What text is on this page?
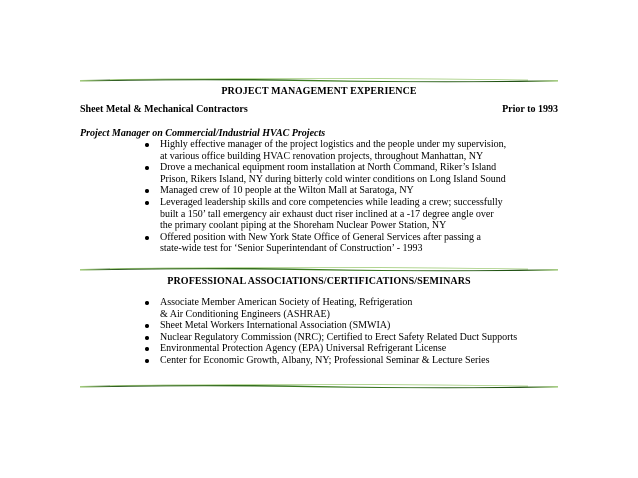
PROJECT MANAGEMENT EXPERIENCE
Sheet Metal & Mechanical Contractors	Prior to 1993
Project Manager on Commercial/Industrial HVAC Projects
Highly effective manager of the project logistics and the people under my supervision,
at various office building HVAC renovation projects, throughout Manhattan, NY
Drove a mechanical equipment room installation at North Command, Riker’s Island
Prison, Rikers Island, NY during bitterly cold winter conditions on Long Island Sound
Managed crew of 10 people at the Wilton Mall at Saratoga, NY
Leveraged leadership skills and core competencies while leading a crew; successfully
built a 150’ tall emergency air exhaust duct riser inclined at a -17 degree angle over
the primary coolant piping at the Shoreham Nuclear Power Station, NY
Offered position with New York State Office of General Services after passing a
state-wide test for ‘Senior Superintendant of Construction’ - 1993
PROFESSIONAL ASSOCIATIONS/CERTIFICATIONS/SEMINARS
Associate Member American Society of Heating, Refrigeration
& Air Conditioning Engineers (ASHRAE)
Sheet Metal Workers International Association (SMWIA)
Nuclear Regulatory Commission (NRC); Certified to Erect Safety Related Duct Supports
Environmental Protection Agency (EPA) Universal Refrigerant License
Center for Economic Growth, Albany, NY; Professional Seminar & Lecture Series
